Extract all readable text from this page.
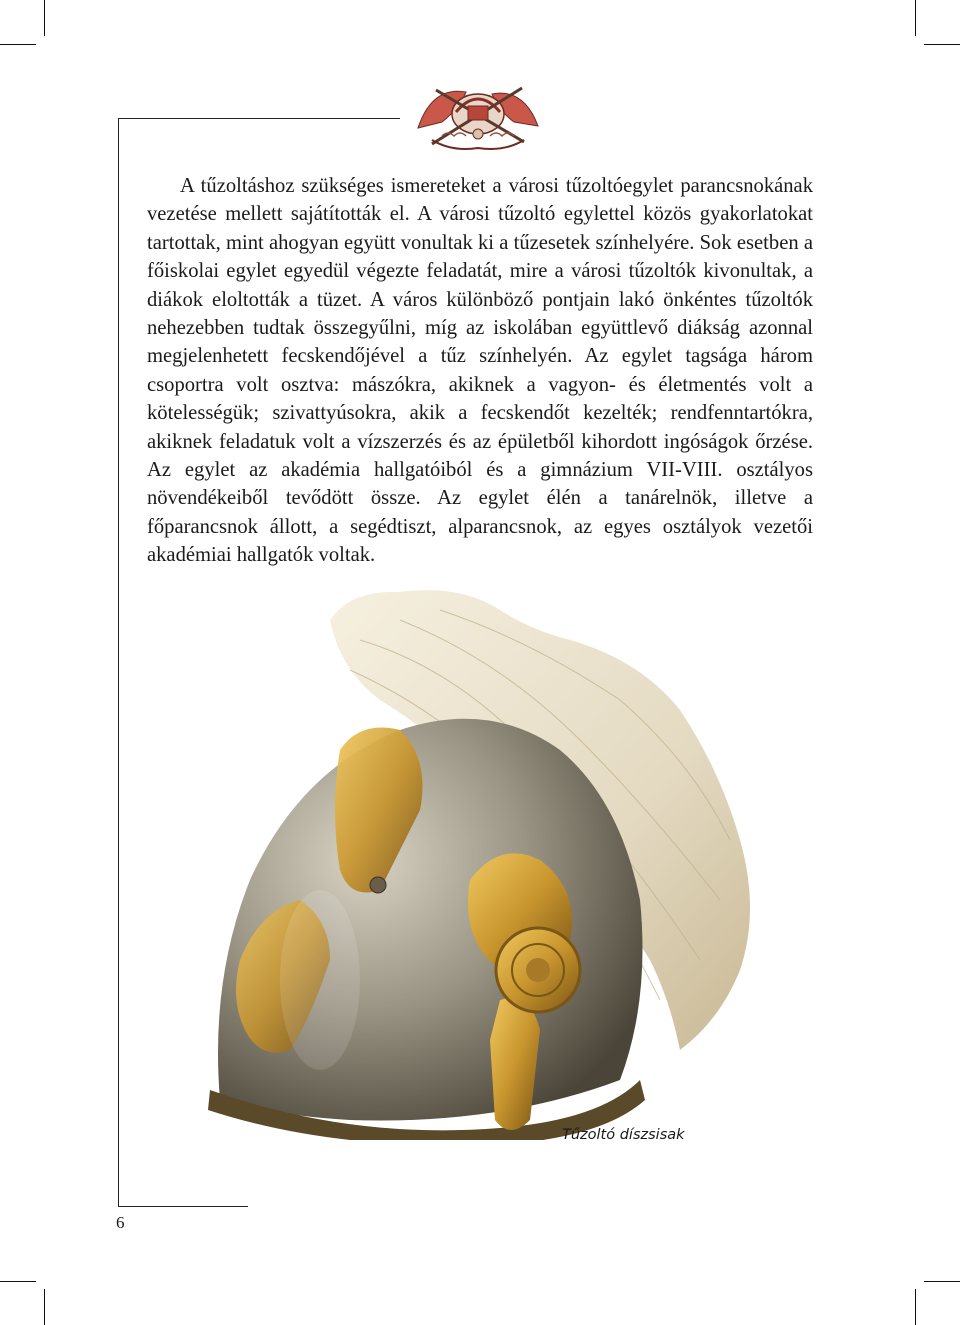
A tűzoltáshoz szükséges ismereteket a városi tűzoltóegylet parancsnokának vezetése mellett sajátították el. A városi tűzoltó egylettel közös gyakorlatokat tartottak, mint ahogyan együtt vonultak ki a tűzesetek színhelyére. Sok esetben a főiskolai egylet egyedül végezte feladatát, mire a városi tűzoltók kivonultak, a diákok eloltották a tüzet. A város különböző pontjain lakó önkéntes tűzoltók nehezebben tudtak összegyűlni, míg az iskolában együttlevő diákság azonnal megjelenhetett fecskendőjével a tűz színhelyén. Az egylet tagsága három csoportra volt osztva: mászókra, akiknek a vagyon- és életmentés volt a kötelességük; szivattyúsokra, akik a fecskendőt kezelték; rendfenntartókra, akiknek feladatuk volt a vízszerzés és az épületből kihordott ingóságok őrzése. Az egylet az akadémia hallgatóiból és a gimnázium VII-VIII. osztályos növendékeiből tevődött össze. Az egylet élén a tanárelnök, illetve a főparancsnok állott, a segédtiszt, alparancsnok, az egyes osztályok vezetői akadémiai hallgatók voltak.

Tűzoltó díszsisak

6
